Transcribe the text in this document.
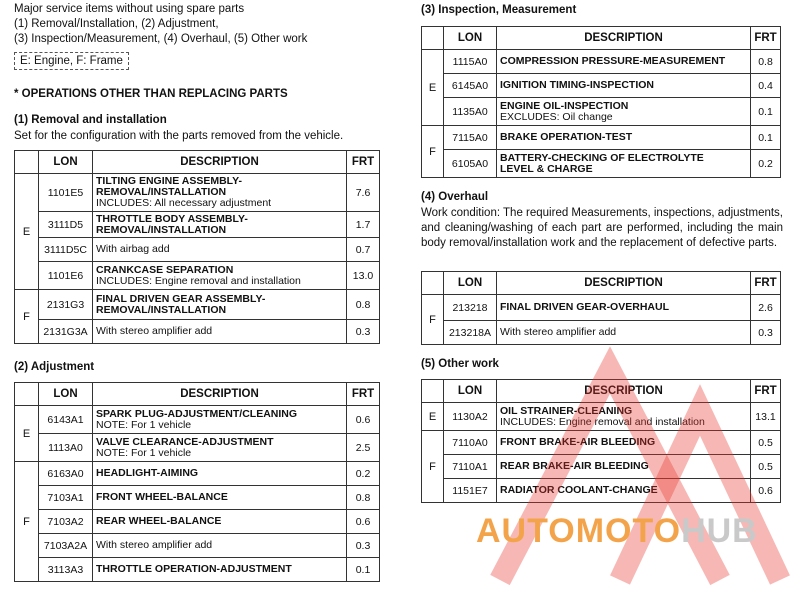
Major service items without using spare parts
(1) Removal/Installation, (2) Adjustment,
(3) Inspection/Measurement, (4) Overhaul, (5) Other work
E: Engine, F: Frame
* OPERATIONS OTHER THAN REPLACING PARTS
(1) Removal and installation
Set for the configuration with the parts removed from the vehicle.
	LON	DESCRIPTION	FRT
E	1101E5	TILTING ENGINE ASSEMBLY-
REMOVAL/INSTALLATION
INCLUDES: All necessary adjustment	7.6
	3111D5	THROTTLE BODY ASSEMBLY-
REMOVAL/INSTALLATION	1.7
	3111D5C	With airbag add	0.7
	1101E6	CRANKCASE SEPARATION
INCLUDES: Engine removal and installation	13.0
F	2131G3	FINAL DRIVEN GEAR ASSEMBLY-
REMOVAL/INSTALLATION	0.8
	2131G3A	With stereo amplifier add	0.3
(2) Adjustment
	LON	DESCRIPTION	FRT
E	6143A1	SPARK PLUG-ADJUSTMENT/CLEANING
NOTE: For 1 vehicle	0.6
	1113A0	VALVE CLEARANCE-ADJUSTMENT
NOTE: For 1 vehicle	2.5
F	6163A0	HEADLIGHT-AIMING	0.2
	7103A1	FRONT WHEEL-BALANCE	0.8
	7103A2	REAR WHEEL-BALANCE	0.6
	7103A2A	With stereo amplifier add	0.3
	3113A3	THROTTLE OPERATION-ADJUSTMENT	0.1
(3) Inspection, Measurement
	LON	DESCRIPTION	FRT
E	1115A0	COMPRESSION PRESSURE-MEASUREMENT	0.8
	6145A0	IGNITION TIMING-INSPECTION	0.4
	1135A0	ENGINE OIL-INSPECTION
EXCLUDES: Oil change	0.1
F	7115A0	BRAKE OPERATION-TEST	0.1
	6105A0	BATTERY-CHECKING OF ELECTROLYTE
LEVEL & CHARGE	0.2
(4) Overhaul
Work condition: The required Measurements, inspections, adjustments, and cleaning/washing of each part are performed, including the main body removal/installation work and the replacement of defective parts.
	LON	DESCRIPTION	FRT
F	213218	FINAL DRIVEN GEAR-OVERHAUL	2.6
	213218A	With stereo amplifier add	0.3
(5) Other work
	LON	DESCRIPTION	FRT
E	1130A2	OIL STRAINER-CLEANING
INCLUDES: Engine removal and installation	13.1
F	7110A0	FRONT BRAKE-AIR BLEEDING	0.5
	7110A1	REAR BRAKE-AIR BLEEDING	0.5
	1151E7	RADIATOR COOLANT-CHANGE	0.6
AUTOMOTOHUB
